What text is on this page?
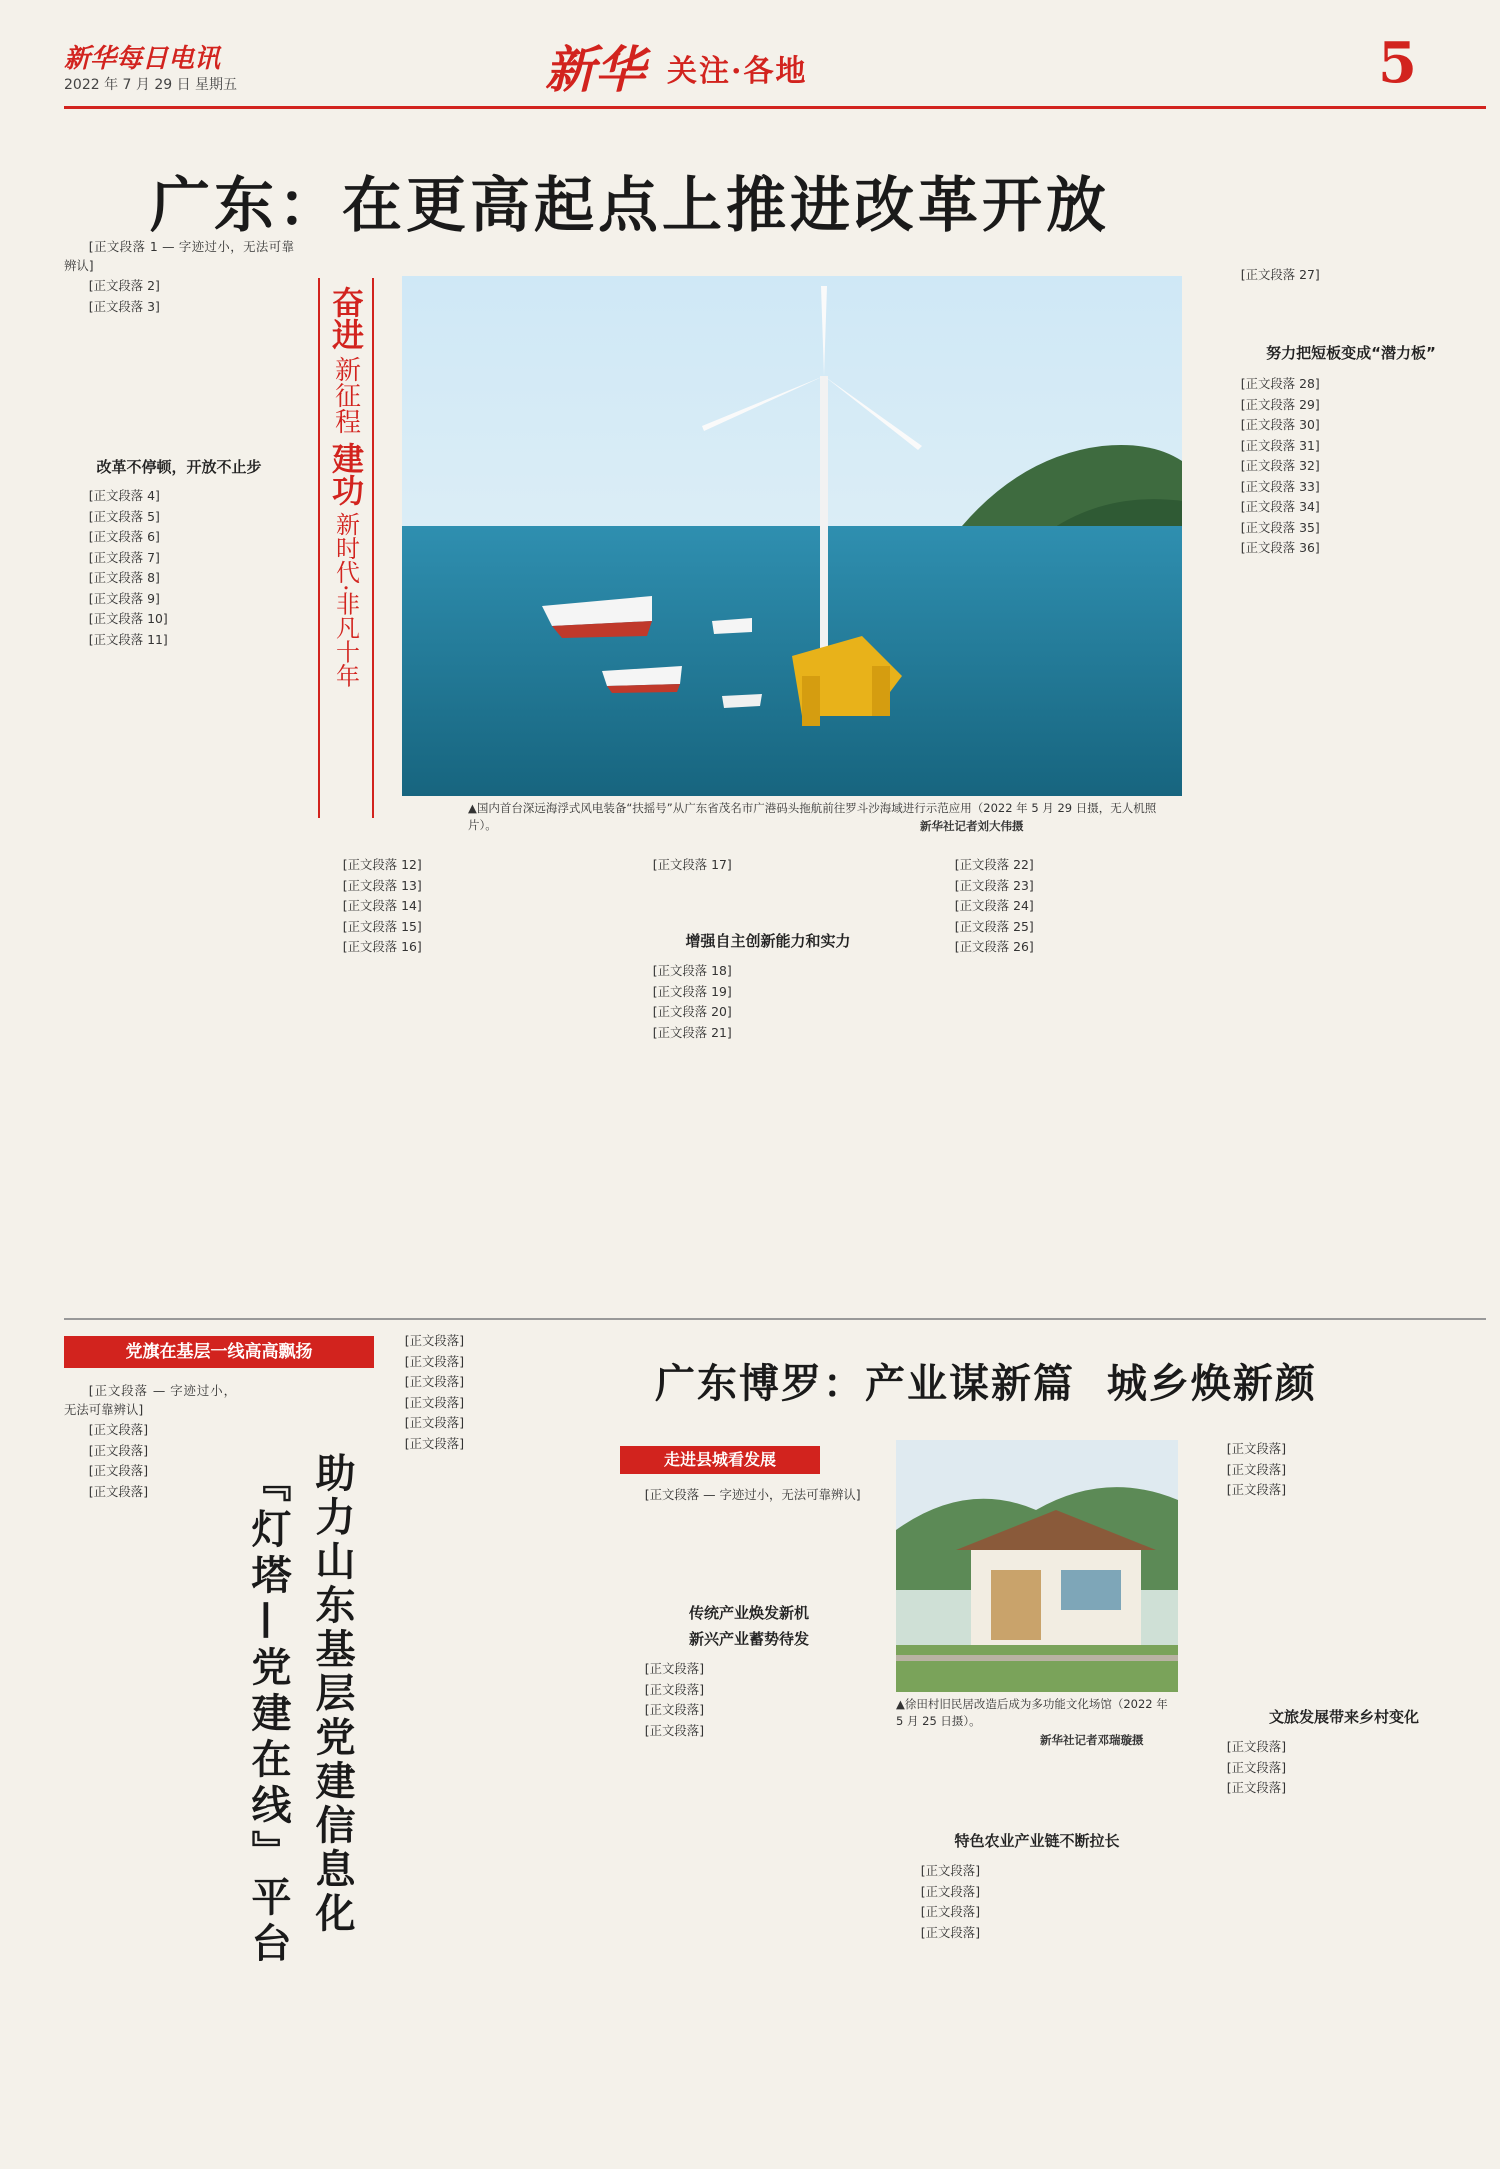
新华每日电讯
2022 年 7 月 29 日 星期五	新华 关注·各地	5
广东：在更高起点上推进改革开放

[正文段落 1 — 字迹过小，无法可靠辨认]

[正文段落 2]

[正文段落 3]

改革不停顿，开放不止步

[正文段落 4]

[正文段落 5]

[正文段落 6]

[正文段落 7]

[正文段落 8]

[正文段落 9]

[正文段落 10]

[正文段落 11]

奋进
新征程
建功
新时代·非凡十年
▲国内首台深远海浮式风电装备“扶摇号”从广东省茂名市广港码头拖航前往罗斗沙海域进行示范应用（2022 年 5 月 29 日摄，无人机照片）。	新华社记者刘大伟摄

[正文段落 12]

[正文段落 13]

[正文段落 14]

[正文段落 15]

[正文段落 16]

[正文段落 17]

增强自主创新能力和实力

[正文段落 18]

[正文段落 19]

[正文段落 20]

[正文段落 21]

[正文段落 22]

[正文段落 23]

[正文段落 24]

[正文段落 25]

[正文段落 26]

[正文段落 27]

努力把短板变成“潜力板”

[正文段落 28]

[正文段落 29]

[正文段落 30]

[正文段落 31]

[正文段落 32]

[正文段落 33]

[正文段落 34]

[正文段落 35]

[正文段落 36]

党旗在基层一线高高飘扬

[正文段落 — 字迹过小，无法可靠辨认]

[正文段落]

[正文段落]

[正文段落]

[正文段落]	助力山东基层党建信息化
『灯塔—党建在线』平台

[正文段落]

[正文段落]

[正文段落]

[正文段落]

[正文段落]

[正文段落]

广东博罗：产业谋新篇  城乡焕新颜
走进县城看发展

[正文段落 — 字迹过小，无法可靠辨认]

传统产业焕发新机
新兴产业蓄势待发

[正文段落]

[正文段落]

[正文段落]

[正文段落]

▲徐田村旧民居改造后成为多功能文化场馆（2022 年 5 月 25 日摄）。
新华社记者邓瑞璇摄
特色农业产业链不断拉长

[正文段落]

[正文段落]

[正文段落]

[正文段落]

[正文段落]

[正文段落]

[正文段落]

文旅发展带来乡村变化

[正文段落]

[正文段落]

[正文段落]
